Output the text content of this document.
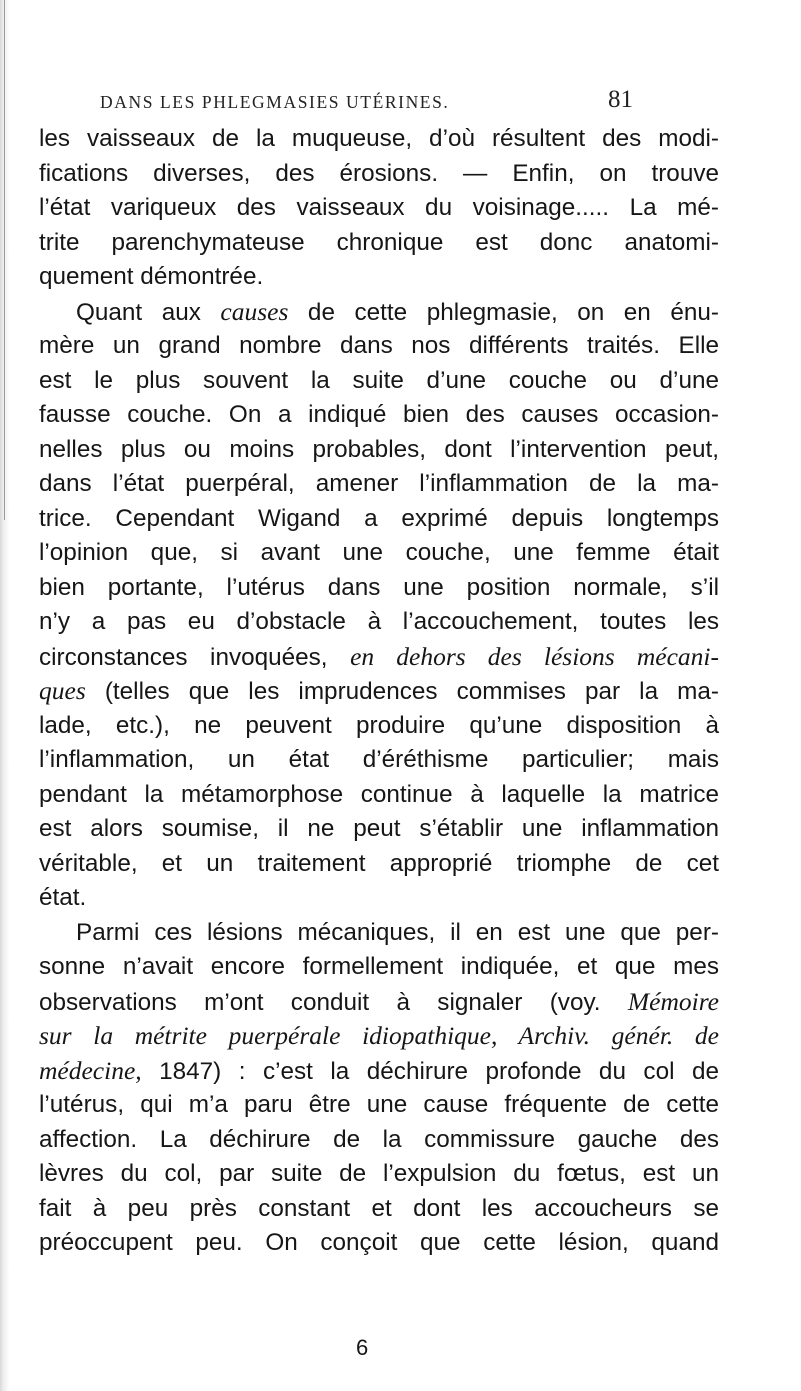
DANS LES PHLEGMASIES UTÉRINES.	81
les vaisseaux de la muqueuse, d’où résultent des modi-
fications diverses, des érosions. — Enfin, on trouve
l’état variqueux des vaisseaux du voisinage..... La mé-
trite parenchymateuse chronique est donc anatomi-
quement démontrée.
Quant aux causes de cette phlegmasie, on en énu-
mère un grand nombre dans nos différents traités. Elle
est le plus souvent la suite d’une couche ou d’une
fausse couche. On a indiqué bien des causes occasion-
nelles plus ou moins probables, dont l’intervention peut,
dans l’état puerpéral, amener l’inflammation de la ma-
trice. Cependant Wigand a exprimé depuis longtemps
l’opinion que, si avant une couche, une femme était
bien portante, l’utérus dans une position normale, s’il
n’y a pas eu d’obstacle à l’accouchement, toutes les
circonstances invoquées, en dehors des lésions mécani-
ques (telles que les imprudences commises par la ma-
lade, etc.), ne peuvent produire qu’une disposition à
l’inflammation, un état d’éréthisme particulier; mais
pendant la métamorphose continue à laquelle la matrice
est alors soumise, il ne peut s’établir une inflammation
véritable, et un traitement approprié triomphe de cet
état.
Parmi ces lésions mécaniques, il en est une que per-
sonne n’avait encore formellement indiquée, et que mes
observations m’ont conduit à signaler (voy. Mémoire
sur la métrite puerpérale idiopathique, Archiv. génér. de
médecine, 1847) : c’est la déchirure profonde du col de
l’utérus, qui m’a paru être une cause fréquente de cette
affection. La déchirure de la commissure gauche des
lèvres du col, par suite de l’expulsion du fœtus, est un
fait à peu près constant et dont les accoucheurs se
préoccupent peu. On conçoit que cette lésion, quand
6
